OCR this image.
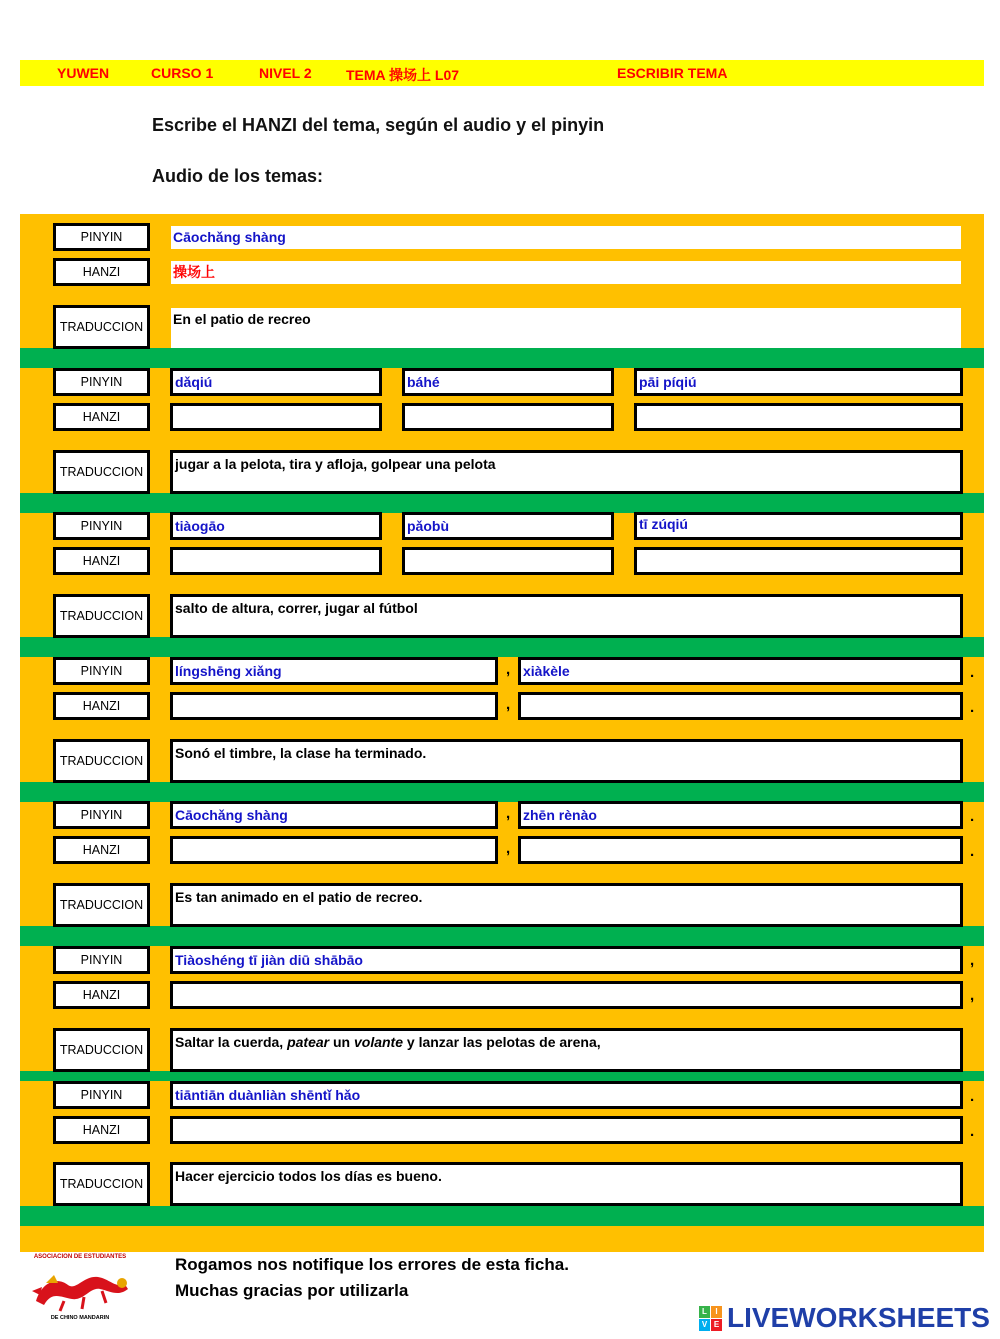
YUWEN	CURSO 1	NIVEL 2 TEMA 操场上 L07	ESCRIBIR TEMA
Escribe el HANZI del tema, según el audio y el pinyin
Audio de los temas:
PINYIN	Cāochǎng shàng
HANZI	操场上
TRADUCCION	En el patio de recreo
PINYIN	dǎqiú	báhé	pāi píqiú
HANZI
TRADUCCION	jugar a la pelota, tira y afloja, golpear una pelota
PINYIN	tiàogāo	pǎobù	tī zúqiú
HANZI
TRADUCCION	salto de altura, correr, jugar al fútbol
PINYIN	língshēng xiǎng	, xiàkèle	.
HANZI	,	.
TRADUCCION	Sonó el timbre, la clase ha terminado.
PINYIN	Cāochǎng shàng	, zhēn rènào	.
HANZI	,	.
TRADUCCION	Es tan animado en el patio de recreo.
PINYIN	Tiàoshéng tī jiàn diū shābāo	,
HANZI	,
TRADUCCION	Saltar la cuerda, patear un volante y lanzar las pelotas de arena,
PINYIN	tiāntiān duànliàn shēntǐ hǎo	.
HANZI	.
TRADUCCION	Hacer ejercicio todos los días es bueno.
ASOCIACION DE ESTUDIANTES
DE CHINO MANDARIN
Rogamos nos notifique los errores de esta ficha.
Muchas gracias por utilizarla
L	I
V E LIVEWORKSHEETS
